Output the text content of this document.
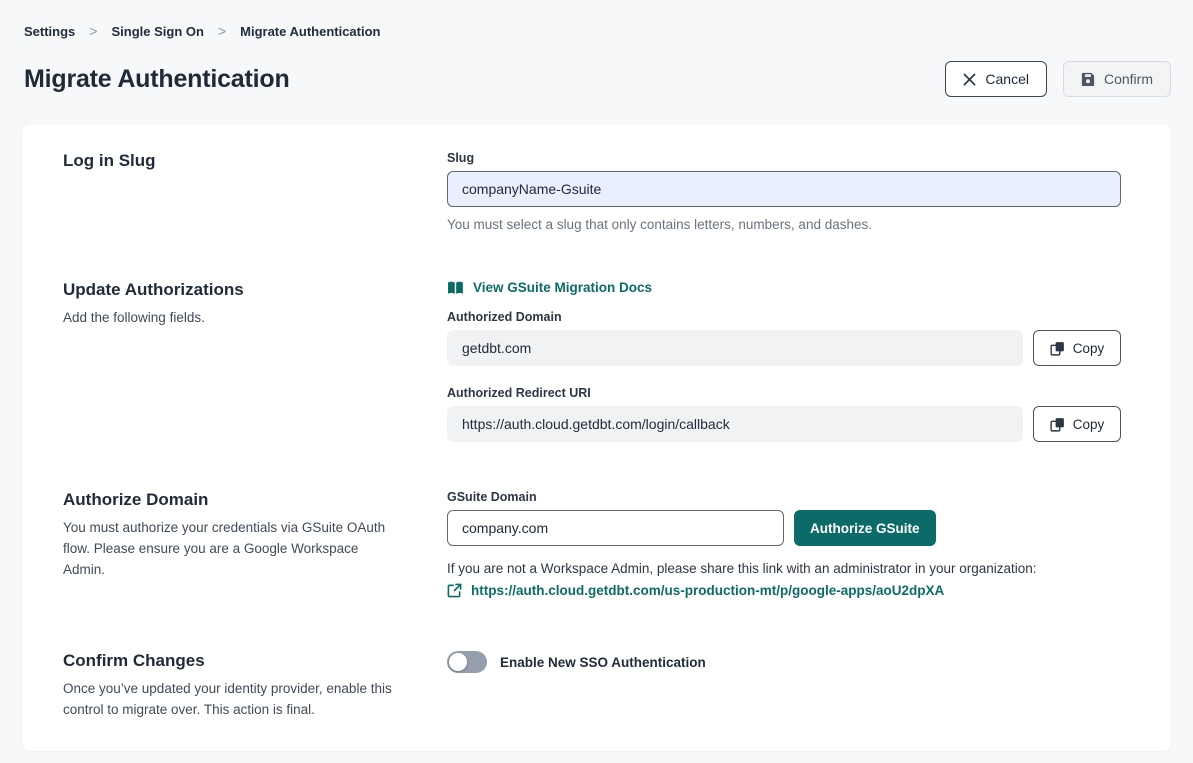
Settings > Single Sign On > Migrate Authentication
Migrate Authentication	Cancel	Confirm
Log in Slug	Slug
companyName-Gsuite

You must select a slug that only contains letters, numbers, and dashes.

Update Authorizations

Add the following fields.

View GSuite Migration Docs
Authorized Domain
getdbt.com
Copy
Authorized Redirect URI
https://auth.cloud.getdbt.com/login/callback
Copy
Authorize Domain

You must authorize your credentials via GSuite OAuth flow. Please ensure you are a Google Workspace Admin.

GSuite Domain
company.com
Authorize GSuite

If you are not a Workspace Admin, please share this link with an administrator in your organization:

https://auth.cloud.getdbt.com/us-production-mt/p/google-apps/aoU2dpXA
Confirm Changes

Once you’ve updated your identity provider, enable this control to migrate over. This action is final.

Enable New SSO Authentication
